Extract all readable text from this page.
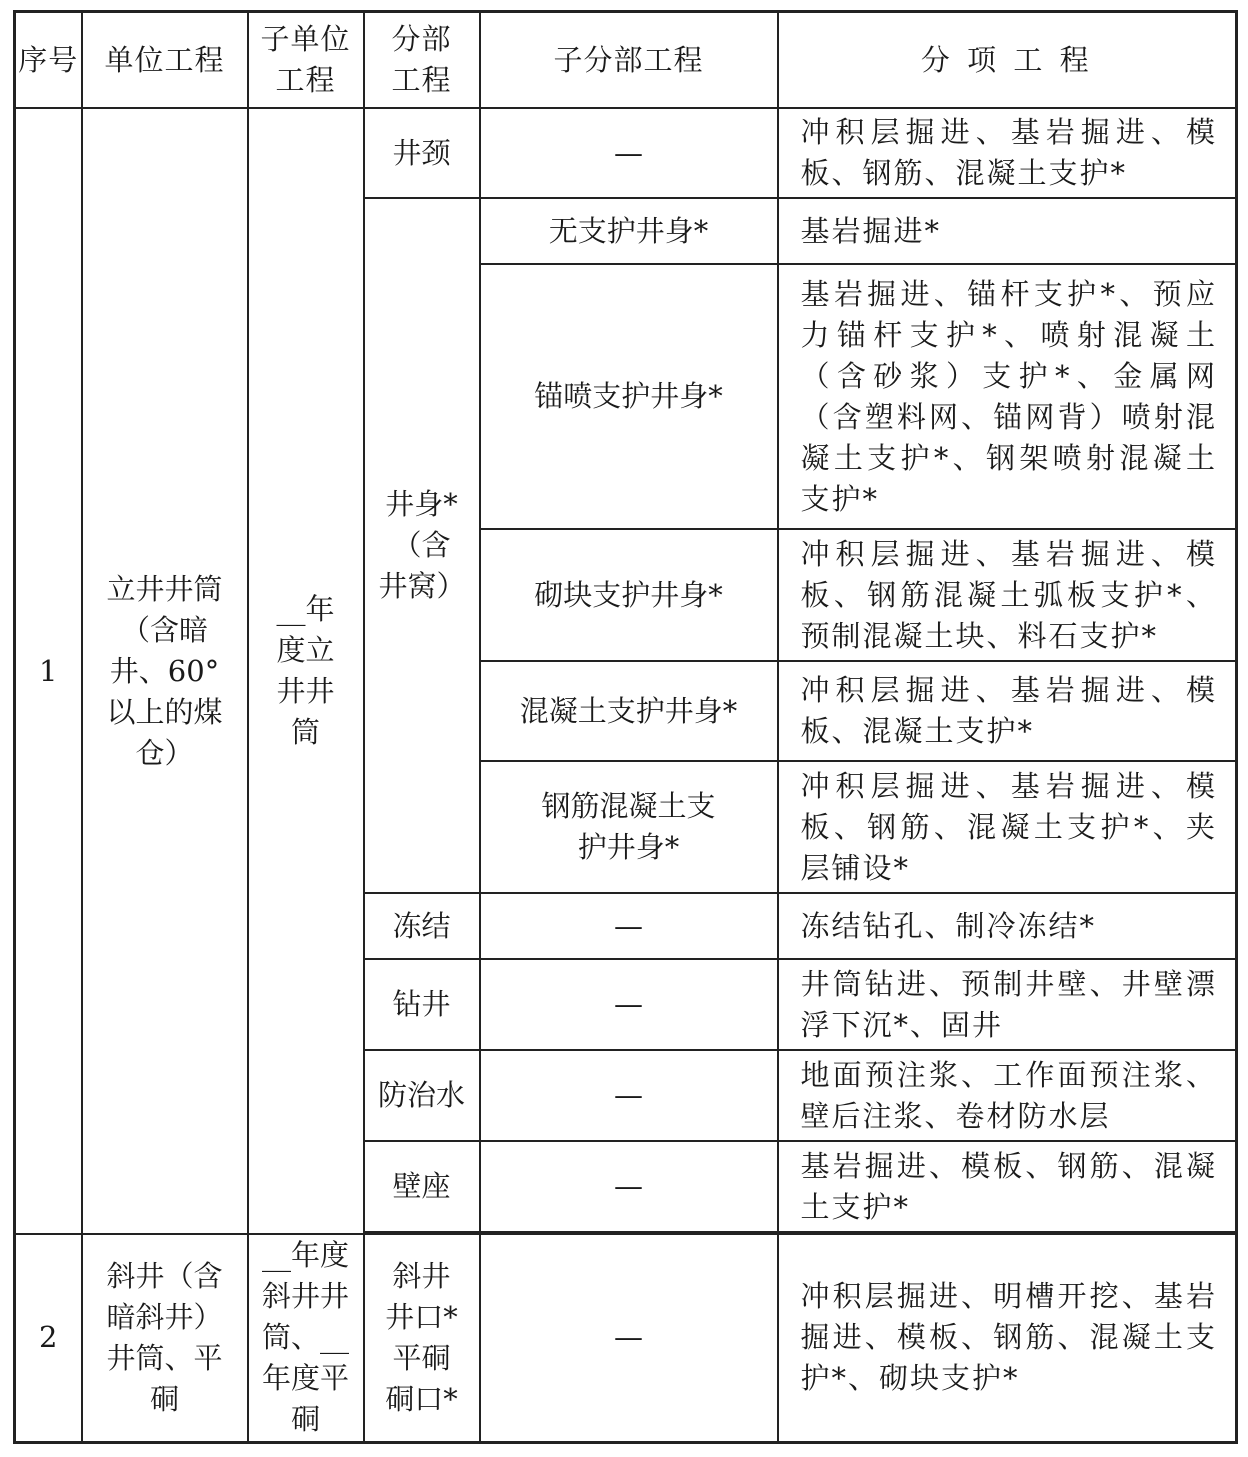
序号	单位工程	子单位工程	分部工程	子分部工程	分 项 工 程
1	立井井筒（含暗井、60°以上的煤仓）	__年度立井井筒	井颈	—	冲积层掘进、基岩掘进、模板、钢筋、混凝土支护*
			井身*（含井窝）	无支护井身*	基岩掘进*
				锚喷支护井身*	基岩掘进、锚杆支护*、预应力锚杆支护*、喷射混凝土（含砂浆）支护*、金属网（含塑料网、锚网背）喷射混凝土支护*、钢架喷射混凝土支护*
				砌块支护井身*	冲积层掘进、基岩掘进、模板、钢筋混凝土弧板支护*、预制混凝土块、料石支护*
				混凝土支护井身*	冲积层掘进、基岩掘进、模板、混凝土支护*
				钢筋混凝土支护井身*	冲积层掘进、基岩掘进、模板、钢筋、混凝土支护*、夹层铺设*
			冻结	—	冻结钻孔、制冷冻结*
			钻井	—	井筒钻进、预制井壁、井壁漂浮下沉*、固井
			防治水	—	地面预注浆、工作面预注浆、壁后注浆、卷材防水层
			壁座	—	基岩掘进、模板、钢筋、混凝土支护*

2	斜井（含暗斜井）井筒、平硐	__年度斜井井筒、__年度平硐	斜井井口*平硐硐口*	—	冲积层掘进、明槽开挖、基岩掘进、模板、钢筋、混凝土支护*、砌块支护*
